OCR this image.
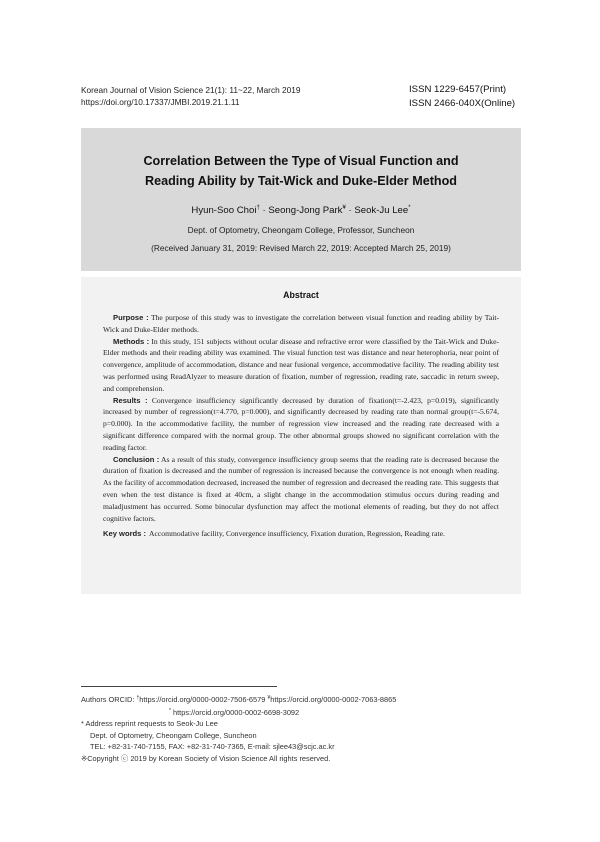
Korean Journal of Vision Science 21(1): 11~22, March 2019
https://doi.org/10.17337/JMBI.2019.21.1.11
ISSN 1229-6457(Print)
ISSN 2466-040X(Online)
Correlation Between the Type of Visual Function and
Reading Ability by Tait-Wick and Duke-Elder Method
Hyun-Soo Choi† · Seong-Jong Park¥ · Seok-Ju Lee*
Dept. of Optometry, Cheongam College, Professor, Suncheon
(Received January 31, 2019: Revised March 22, 2019: Accepted March 25, 2019)
Abstract

Purpose : The purpose of this study was to investigate the correlation between visual function and reading ability by Tait-Wick and Duke-Elder methods.

Methods : In this study, 151 subjects without ocular disease and refractive error were classified by the Tait-Wick and Duke-Elder methods and their reading ability was examined. The visual function test was distance and near heterophoria, near point of convergence, amplitude of accommodation, distance and near fusional vergence, accommodative facility. The reading ability test was performed using ReadAlyzer to measure duration of fixation, number of regression, reading rate, saccadic in return sweep, and comprehension.

Results : Convergence insufficiency significantly decreased by duration of fixation(t=-2.423, p=0.019), significantly increased by number of regression(t=4.770, p=0.000), and significantly decreased by reading rate than normal group(t=-5.674, p=0.000). In the accommodative facility, the number of regression view increased and the reading rate decreased with a significant difference compared with the normal group. The other abnormal groups showed no significant correlation with the reading factor.

Conclusion : As a result of this study, convergence insufficiency group seems that the reading rate is decreased because the duration of fixation is decreased and the number of regression is increased because the convergence is not enough when reading. As the facility of accommodation decreased, increased the number of regression and decreased the reading rate. This suggests that even when the test distance is fixed at 40cm, a slight change in the accommodation stimulus occurs during reading and maladjustment has occurred. Some binocular dysfunction may affect the motional elements of reading, but they do not affect cognitive factors.

Key words : Accommodative facility, Convergence insufficiency, Fixation duration, Regression, Reading rate.

Authors ORCID: †https://orcid.org/0000-0002-7506-6579 ¥https://orcid.org/0000-0002-7063-8865
* https://orcid.org/0000-0002-6698-3092
* Address reprint requests to Seok-Ju Lee
Dept. of Optometry, Cheongam College, Suncheon
TEL: +82-31-740-7155, FAX: +82-31-740-7365, E-mail: sjlee43@scjc.ac.kr
※Copyright ⓒ 2019 by Korean Society of Vision Science All rights reserved.
